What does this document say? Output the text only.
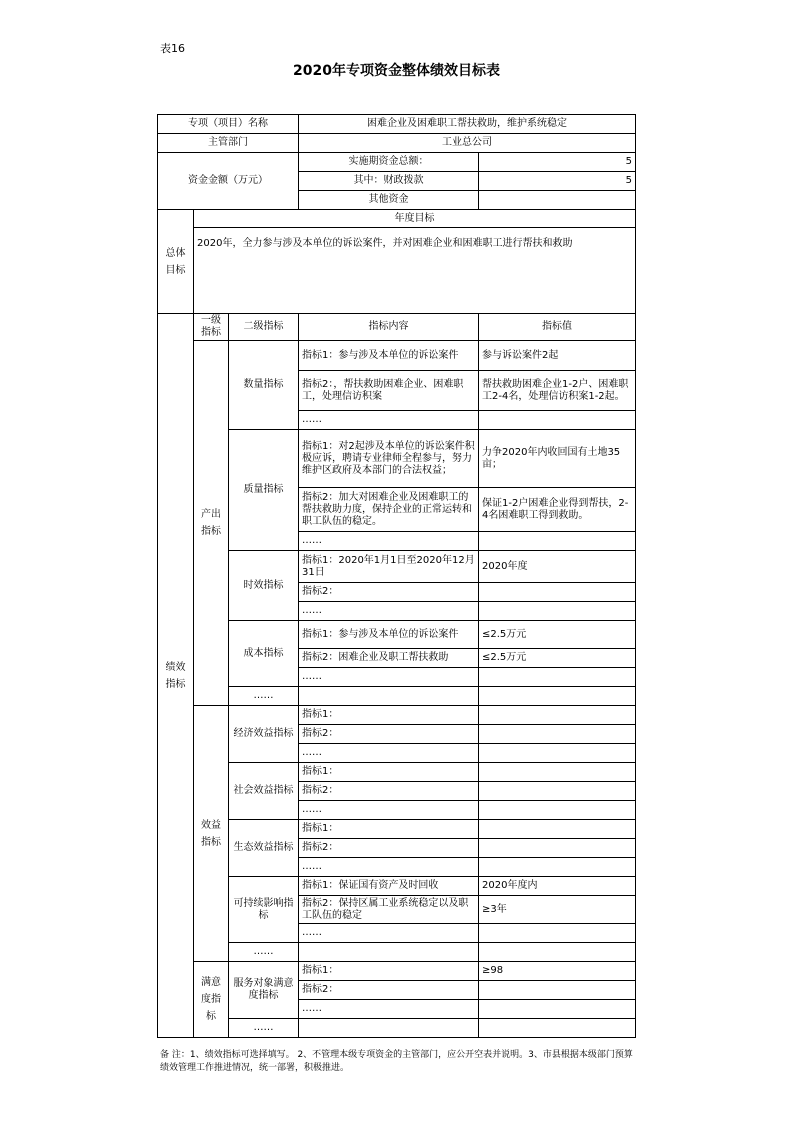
表16
2020年专项资金整体绩效目标表
专项（项目）名称			困难企业及困难职工帮扶救助，维护系统稳定	
主管部门			工业总公司	
资金金额（万元）			实施期资金总额：	5
			其中：财政拨款	5
			其他资金	
总体目标	年度目标			
	2020年，全力参与涉及本单位的诉讼案件，并对困难企业和困难职工进行帮扶和救助			
绩效指标	一级指标	二级指标	指标内容	指标值
	产出指标	数量指标	指标1：参与涉及本单位的诉讼案件	参与诉讼案件2起
			指标2：，帮扶救助困难企业、困难职工，处理信访积案	帮扶救助困难企业1-2户、困难职工2-4名，处理信访积案1-2起。
			……	
		质量指标	指标1：对2起涉及本单位的诉讼案件积极应诉，聘请专业律师全程参与，努力维护区政府及本部门的合法权益；	力争2020年内收回国有土地35亩；
			指标2：加大对困难企业及困难职工的帮扶救助力度，保持企业的正常运转和职工队伍的稳定。	保证1-2户困难企业得到帮扶，2-4名困难职工得到救助。
			……	
		时效指标	指标1：2020年1月1日至2020年12月31日	2020年度
			指标2：	
			……	
		成本指标	指标1：参与涉及本单位的诉讼案件	≤2.5万元
			指标2：困难企业及职工帮扶救助	≤2.5万元
			……	
		……		
	效益指标	经济效益指标	指标1：	
			指标2：	
			……	
		社会效益指标	指标1：	
			指标2：	
			……	
		生态效益指标	指标1：	
			指标2：	
			……	
		可持续影响指标	指标1：保证国有资产及时回收	2020年度内
			指标2：保持区属工业系统稳定以及职工队伍的稳定	≥3年
			……	
		……		
	满意度指标	服务对象满意度指标	指标1：	≥98
			指标2：	
			……	
		……		
备 注：1、绩效指标可选择填写。 2、不管理本级专项资金的主管部门，应公开空表并说明。3、市县根据本级部门预算绩效管理工作推进情况，统一部署，积极推进。
